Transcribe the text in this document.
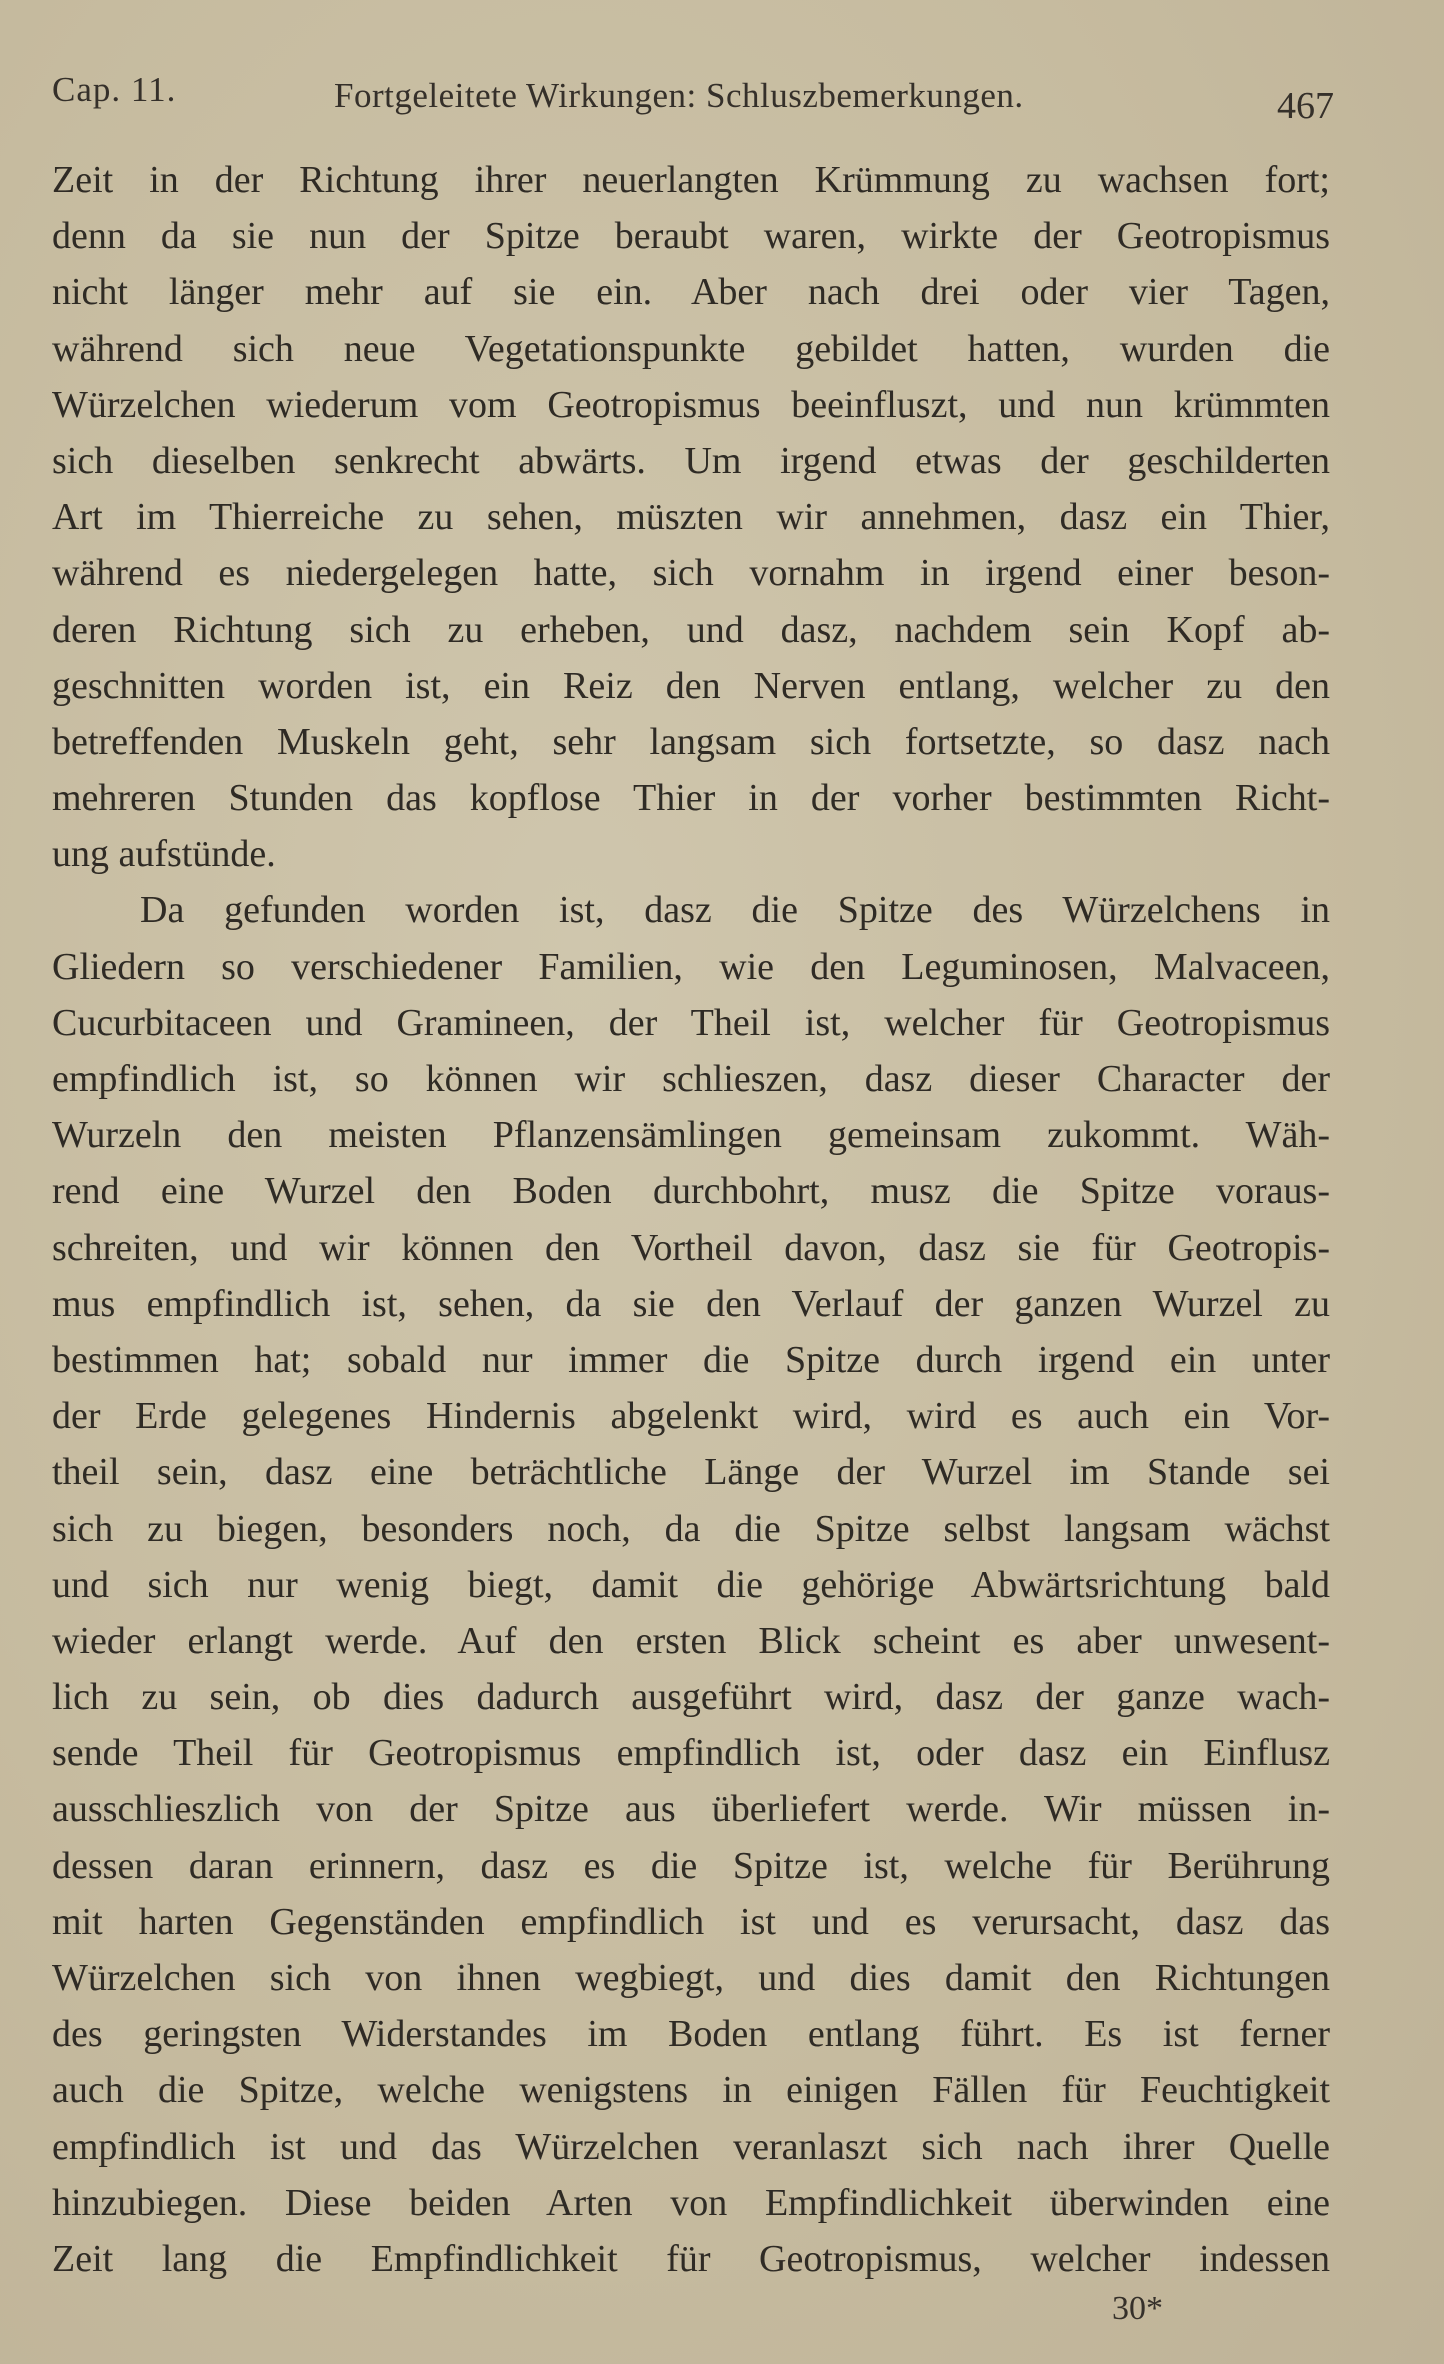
Cap. 11.	Fortgeleitete Wirkungen: Schluszbemerkungen.	467
Zeit in der Richtung ihrer neuerlangten Krümmung zu wachsen fort;
denn da sie nun der Spitze beraubt waren, wirkte der Geotropismus
nicht länger mehr auf sie ein. Aber nach drei oder vier Tagen,
während sich neue Vegetationspunkte gebildet hatten, wurden die
Würzelchen wiederum vom Geotropismus beeinfluszt, und nun krümmten
sich dieselben senkrecht abwärts. Um irgend etwas der geschilderten
Art im Thierreiche zu sehen, müszten wir annehmen, dasz ein Thier,
während es niedergelegen hatte, sich vornahm in irgend einer beson-
deren Richtung sich zu erheben, und dasz, nachdem sein Kopf ab-
geschnitten worden ist, ein Reiz den Nerven entlang, welcher zu den
betreffenden Muskeln geht, sehr langsam sich fortsetzte, so dasz nach
mehreren Stunden das kopflose Thier in der vorher bestimmten Richt-
ung aufstünde.
Da gefunden worden ist, dasz die Spitze des Würzelchens in
Gliedern so verschiedener Familien, wie den Leguminosen, Malvaceen,
Cucurbitaceen und Gramineen, der Theil ist, welcher für Geotropismus
empfindlich ist, so können wir schlieszen, dasz dieser Character der
Wurzeln den meisten Pflanzensämlingen gemeinsam zukommt. Wäh-
rend eine Wurzel den Boden durchbohrt, musz die Spitze voraus-
schreiten, und wir können den Vortheil davon, dasz sie für Geotropis-
mus empfindlich ist, sehen, da sie den Verlauf der ganzen Wurzel zu
bestimmen hat; sobald nur immer die Spitze durch irgend ein unter
der Erde gelegenes Hindernis abgelenkt wird, wird es auch ein Vor-
theil sein, dasz eine beträchtliche Länge der Wurzel im Stande sei
sich zu biegen, besonders noch, da die Spitze selbst langsam wächst
und sich nur wenig biegt, damit die gehörige Abwärtsrichtung bald
wieder erlangt werde. Auf den ersten Blick scheint es aber unwesent-
lich zu sein, ob dies dadurch ausgeführt wird, dasz der ganze wach-
sende Theil für Geotropismus empfindlich ist, oder dasz ein Einflusz
ausschlieszlich von der Spitze aus überliefert werde. Wir müssen in-
dessen daran erinnern, dasz es die Spitze ist, welche für Berührung
mit harten Gegenständen empfindlich ist und es verursacht, dasz das
Würzelchen sich von ihnen wegbiegt, und dies damit den Richtungen
des geringsten Widerstandes im Boden entlang führt. Es ist ferner
auch die Spitze, welche wenigstens in einigen Fällen für Feuchtigkeit
empfindlich ist und das Würzelchen veranlaszt sich nach ihrer Quelle
hinzubiegen. Diese beiden Arten von Empfindlichkeit überwinden eine
Zeit lang die Empfindlichkeit für Geotropismus, welcher indessen
30*
